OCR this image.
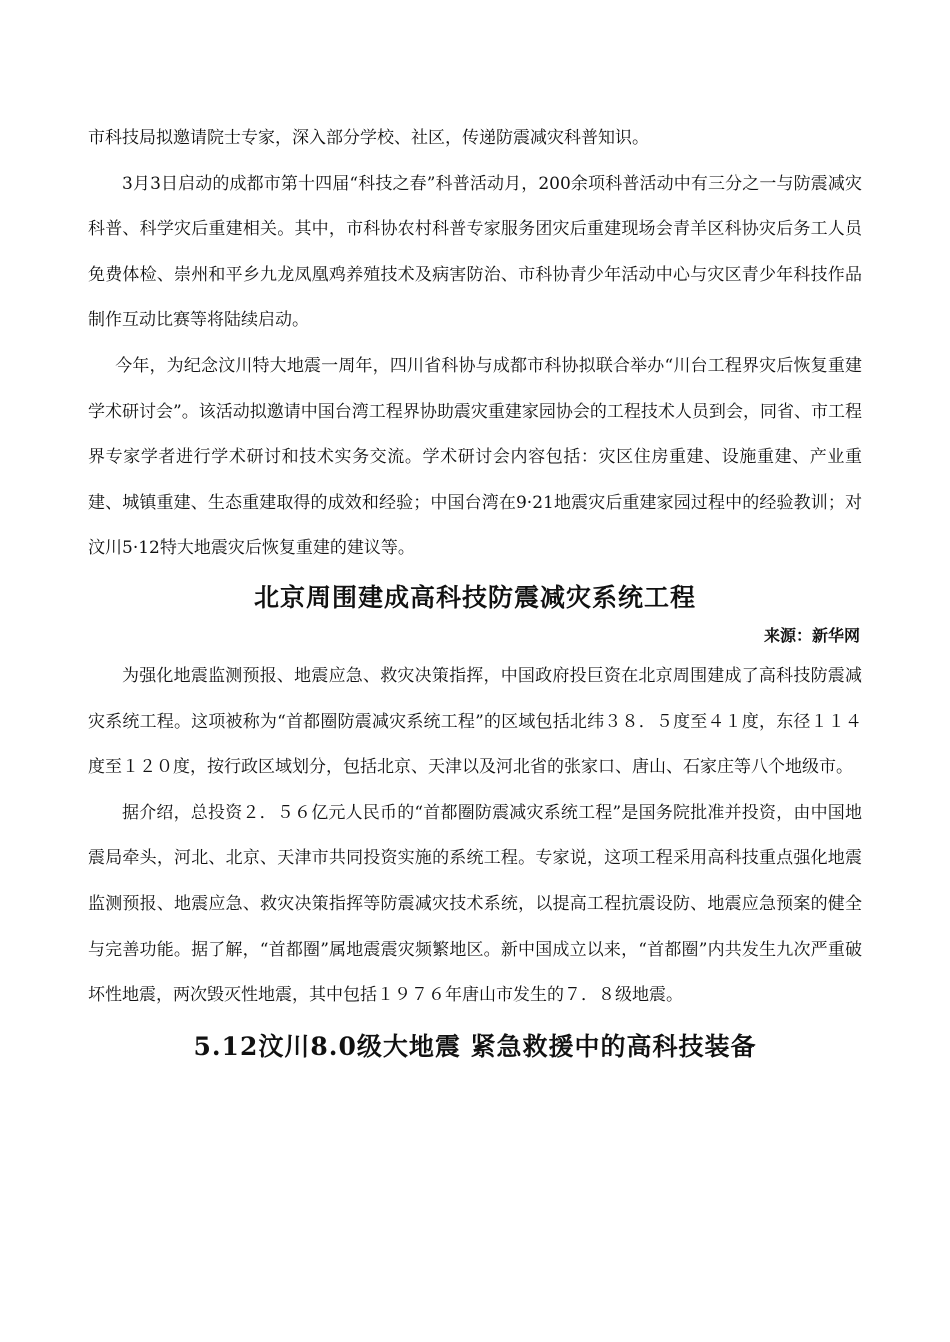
市科技局拟邀请院士专家，深入部分学校、社区，传递防震减灾科普知识。

3月3日启动的成都市第十四届“科技之春”科普活动月，200余项科普活动中有三分之一与防震减灾科普、科学灾后重建相关。其中，市科协农村科普专家服务团灾后重建现场会青羊区科协灾后务工人员免费体检、崇州和平乡九龙凤凰鸡养殖技术及病害防治、市科协青少年活动中心与灾区青少年科技作品制作互动比赛等将陆续启动。

今年，为纪念汶川特大地震一周年，四川省科协与成都市科协拟联合举办“川台工程界灾后恢复重建学术研讨会”。该活动拟邀请中国台湾工程界协助震灾重建家园协会的工程技术人员到会，同省、市工程界专家学者进行学术研讨和技术实务交流。学术研讨会内容包括：灾区住房重建、设施重建、产业重建、城镇重建、生态重建取得的成效和经验；中国台湾在9·21地震灾后重建家园过程中的经验教训；对汶川5·12特大地震灾后恢复重建的建议等。

北京周围建成高科技防震减灾系统工程

来源：新华网

为强化地震监测预报、地震应急、救灾决策指挥，中国政府投巨资在北京周围建成了高科技防震减灾系统工程。这项被称为“首都圈防震减灾系统工程”的区域包括北纬３８．５度至４１度，东径１１４度至１２０度，按行政区域划分，包括北京、天津以及河北省的张家口、唐山、石家庄等八个地级市。

据介绍，总投资２．５６亿元人民币的“首都圈防震减灾系统工程”是国务院批准并投资，由中国地震局牵头，河北、北京、天津市共同投资实施的系统工程。专家说，这项工程采用高科技重点强化地震监测预报、地震应急、救灾决策指挥等防震减灾技术系统，以提高工程抗震设防、地震应急预案的健全与完善功能。据了解，“首都圈”属地震震灾频繁地区。新中国成立以来，“首都圈”内共发生九次严重破坏性地震，两次毁灭性地震，其中包括１９７６年唐山市发生的７．８级地震。

5.12汶川8.0级大地震 紧急救援中的高科技装备
